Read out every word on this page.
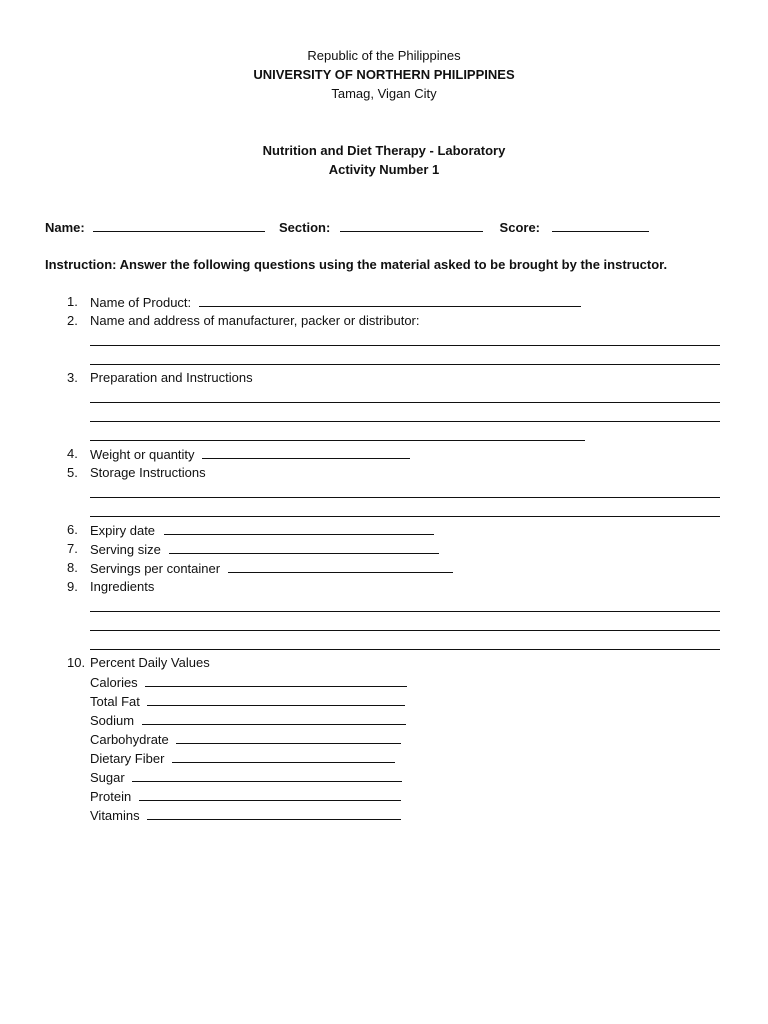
Republic of the Philippines
UNIVERSITY OF NORTHERN PHILIPPINES
Tamag, Vigan City
Nutrition and Diet Therapy - Laboratory
Activity Number 1
Name:	Section:	Score:
Instruction: Answer the following questions using the material asked to be brought by the instructor.
1. Name of Product:
2. Name and address of manufacturer, packer or distributor:
3. Preparation and Instructions
4. Weight or quantity
5. Storage Instructions
6. Expiry date
7. Serving size
8. Servings per container
9. Ingredients
10. Percent Daily Values
Calories
Total Fat
Sodium
Carbohydrate
Dietary Fiber
Sugar
Protein
Vitamins
